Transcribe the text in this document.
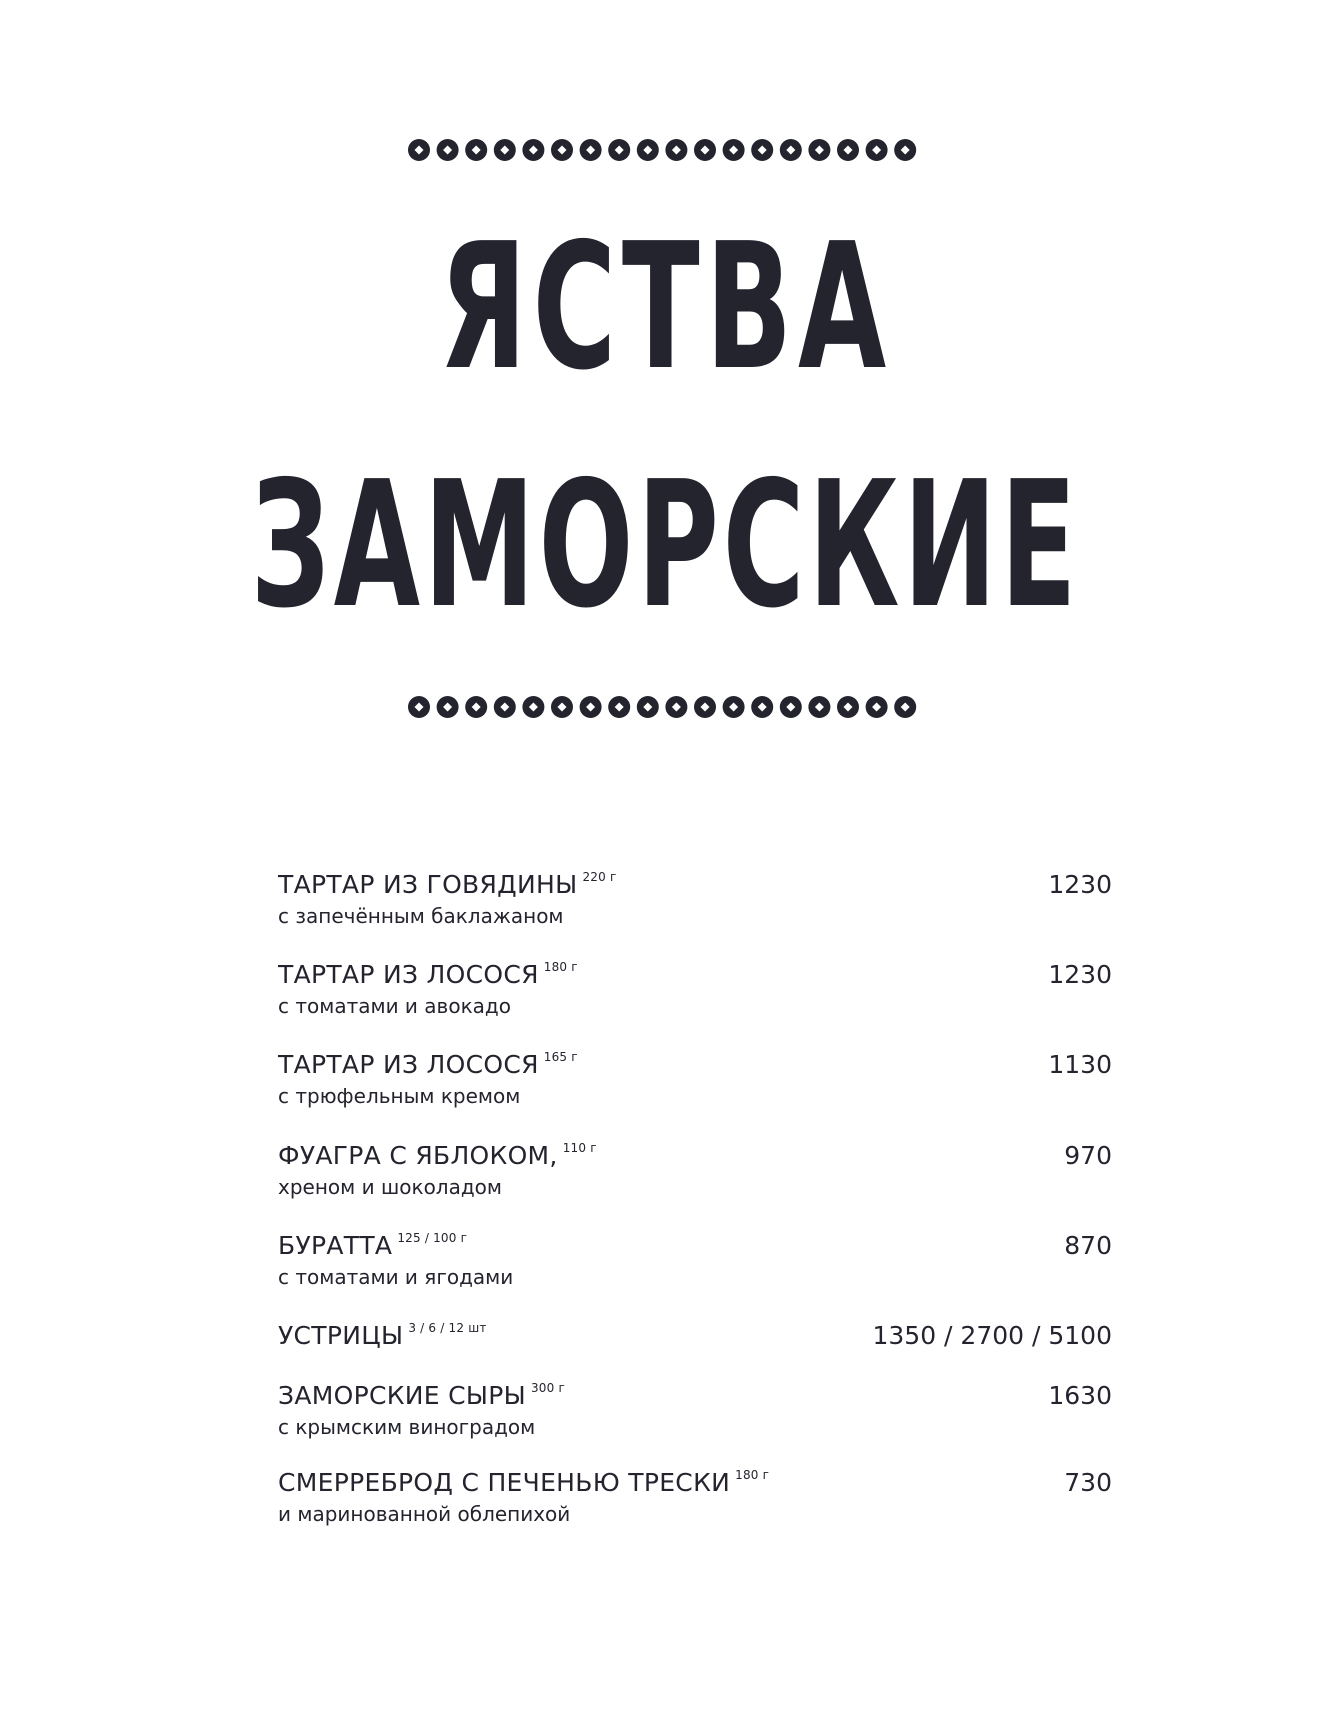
ЯСТВА
ЗАМОРСКИЕ
ТАРТАР ИЗ ГОВЯДИНЫ $^{220 г}$	1230
с запечённым баклажаном
ТАРТАР ИЗ ЛОСОСЯ $^{180 г}$	1230
с томатами и авокадо
ТАРТАР ИЗ ЛОСОСЯ $^{165 г}$	1130
с трюфельным кремом
ФУАГРА С ЯБЛОКОМ, $^{110 г}$	970
хреном и шоколадом
БУРАТТА $^{125 / 100 г}$	870
с томатами и ягодами
УСТРИЦЫ $^{3 / 6 / 12 шт}$	1350 / 2700 / 5100
ЗАМОРСКИЕ СЫРЫ $^{300 г}$	1630
с крымским виноградом
СМЕРРЕБРОД С ПЕЧЕНЬЮ ТРЕСКИ $^{180 г}$	730
и маринованной облепихой
